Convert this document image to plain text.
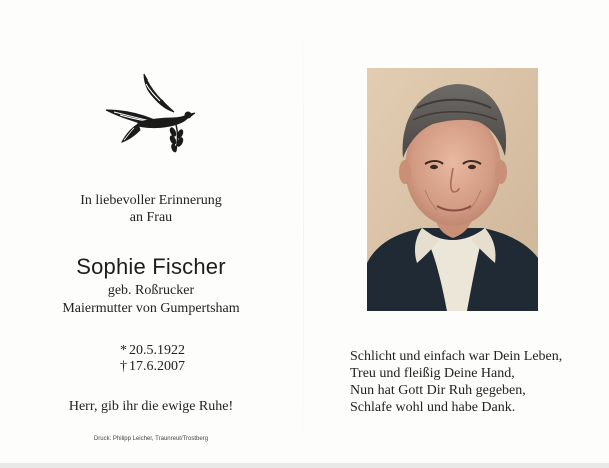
In liebevoller Erinnerung
an Frau
Sophie Fischer
geb. Roßrucker
Maiermutter von Gumpertsham
* 20.5.1922
† 17.6.2007
Herr, gib ihr die ewige Ruhe!
Druck: Philipp Leicher, Traunreut/Trostberg
Schlicht und einfach war Dein Leben,
Treu und fleißig Deine Hand,
Nun hat Gott Dir Ruh gegeben,
Schlafe wohl und habe Dank.
